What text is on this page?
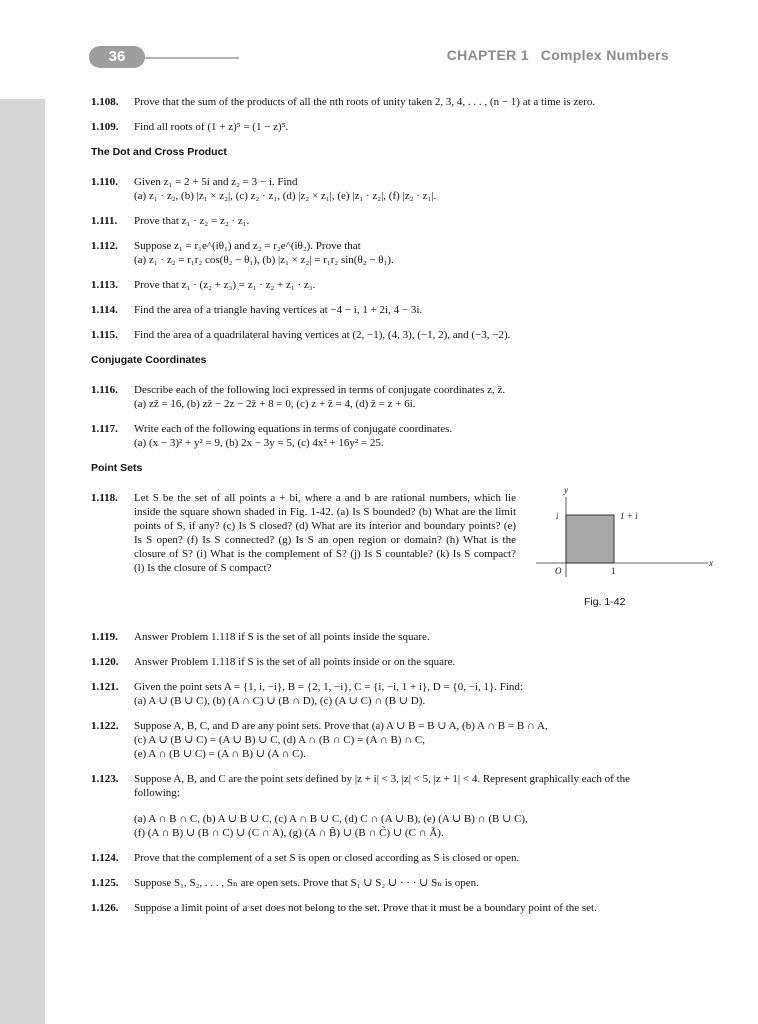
36	CHAPTER 1 Complex Numbers
1.108.	Prove that the sum of the products of all the nth roots of unity taken 2, 3, 4, . . . , (n − 1) at a time is zero.
1.109.	Find all roots of (1 + z)⁵ = (1 − z)⁵.
The Dot and Cross Product
1.110.	Given z₁ = 2 + 5i and z₂ = 3 − i. Find
(a) z₁ · z₂, (b) |z₁ × z₂|, (c) z₂ · z₁, (d) |z₂ × z₁|, (e) |z₁ · z₂|, (f) |z₂ · z₁|.
1.111.	Prove that z₁ · z₂ = z₂ · z₁.
1.112.	Suppose z₁ = r₁e^(iθ₁) and z₂ = r₂e^(iθ₂). Prove that
(a) z₁ · z₂ = r₁r₂ cos(θ₂ − θ₁), (b) |z₁ × z₂| = r₁r₂ sin(θ₂ − θ₁).
1.113.	Prove that z₁ · (z₂ + z₃) = z₁ · z₂ + z₁ · z₃.
1.114.	Find the area of a triangle having vertices at −4 − i, 1 + 2i, 4 − 3i.
1.115.	Find the area of a quadrilateral having vertices at (2, −1), (4, 3), (−1, 2), and (−3, −2).
Conjugate Coordinates
1.116.	Describe each of the following loci expressed in terms of conjugate coordinates z, z̄.
(a) zz̄ = 16, (b) zz̄ − 2z − 2z̄ + 8 = 0, (c) z + z̄ = 4, (d) z̄ = z + 6i.
1.117.	Write each of the following equations in terms of conjugate coordinates.
(a) (x − 3)² + y² = 9, (b) 2x − 3y = 5, (c) 4x² + 16y² = 25.
Point Sets
1.118.	Let S be the set of all points a + bi, where a and b are rational numbers, which lie inside the square shown shaded in Fig. 1-42. (a) Is S bounded? (b) What are the limit points of S, if any? (c) Is S closed? (d) What are its interior and boundary points? (e) Is S open? (f) Is S connected? (g) Is S an open region or domain? (h) What is the closure of S? (i) What is the complement of S? (j) Is S countable? (k) Is S compact? (l) Is the closure of S compact?
y
x
i	1 + i
O	1
Fig. 1-42
1.119.	Answer Problem 1.118 if S is the set of all points inside the square.
1.120.	Answer Problem 1.118 if S is the set of all points inside or on the square.
1.121.	Given the point sets A = {1, i, −i}, B = {2, 1, −i}, C = {i, −i, 1 + i}, D = {0, −i, 1}. Find:
(a) A ∪ (B ∪ C), (b) (A ∩ C) ∪ (B ∩ D), (c) (A ∪ C) ∩ (B ∪ D).
1.122.	Suppose A, B, C, and D are any point sets. Prove that (a) A ∪ B = B ∪ A, (b) A ∩ B = B ∩ A,
(c) A ∪ (B ∪ C) = (A ∪ B) ∪ C, (d) A ∩ (B ∩ C) = (A ∩ B) ∩ C,
(e) A ∩ (B ∪ C) = (A ∩ B) ∪ (A ∩ C).
1.123.	Suppose A, B, and C are the point sets defined by |z + i| < 3, |z| < 5, |z + 1| < 4. Represent graphically each of the following:
(a) A ∩ B ∩ C, (b) A ∪ B ∪ C, (c) A ∩ B ∪ C, (d) C ∩ (A ∪ B), (e) (A ∪ B) ∩ (B ∪ C),
(f) (A ∩ B) ∪ (B ∩ C) ∪ (C ∩ A), (g) (A ∩ B̃) ∪ (B ∩ C̃) ∪ (C ∩ Ã).
1.124.	Prove that the complement of a set S is open or closed according as S is closed or open.
1.125.	Suppose S₁, S₂, . . . , Sₙ are open sets. Prove that S₁ ∪ S₂ ∪ · · · ∪ Sₙ is open.
1.126.	Suppose a limit point of a set does not belong to the set. Prove that it must be a boundary point of the set.
